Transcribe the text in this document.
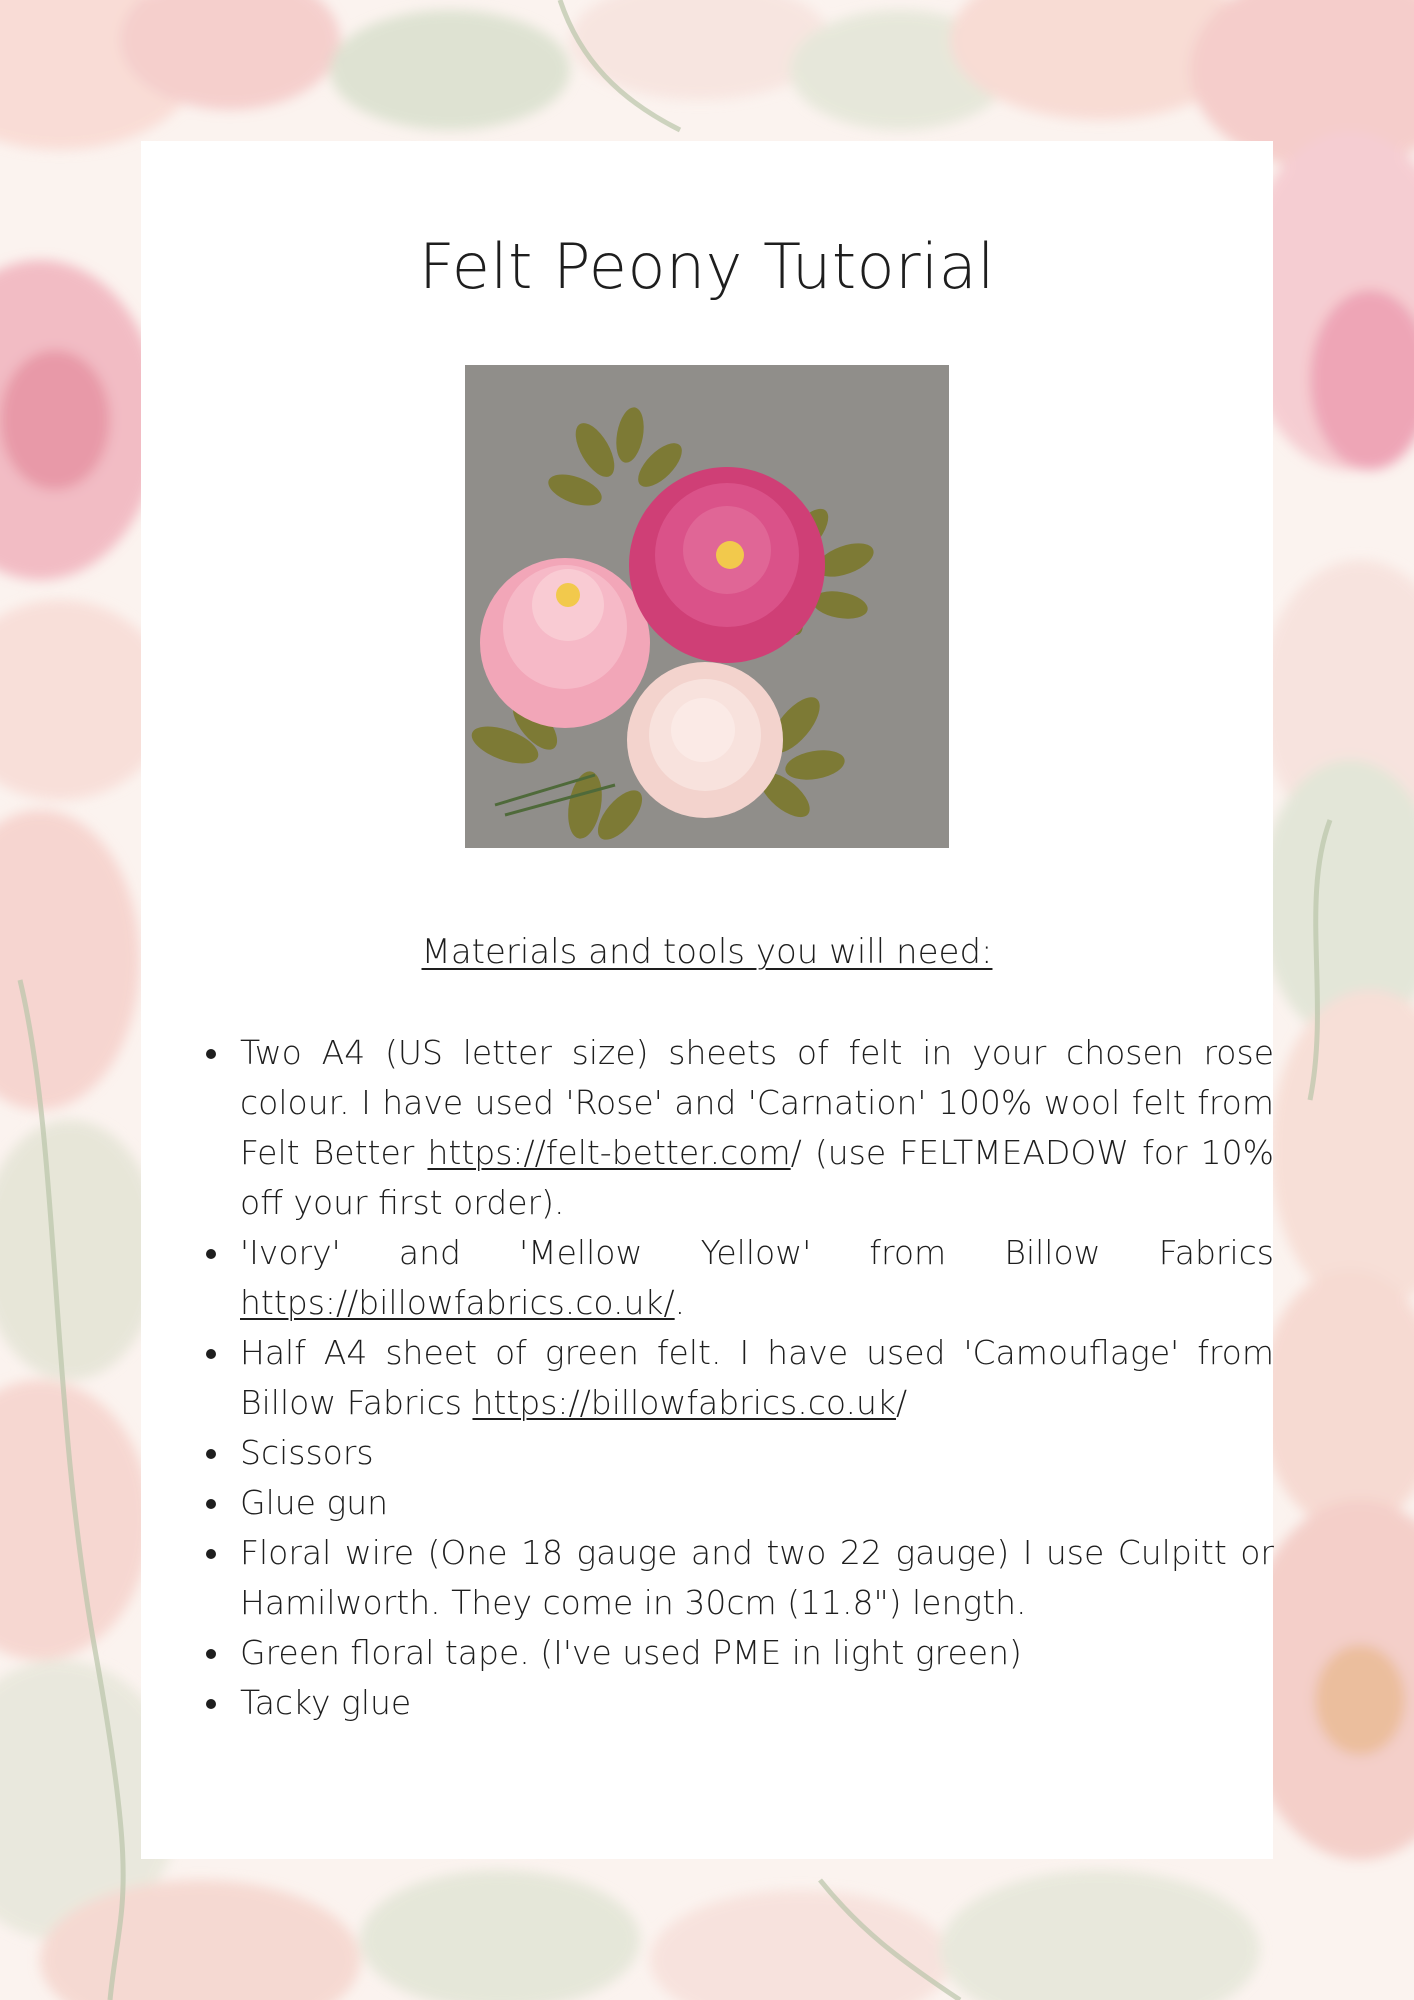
Felt Peony Tutorial
Materials and tools you will need:
Two A4 (US letter size) sheets of felt in your chosen rose colour. I have used 'Rose' and 'Carnation' 100% wool felt from Felt Better https://felt-better.com/ (use FELTMEADOW for 10% off your first order).
'Ivory' and 'Mellow Yellow' from Billow Fabrics https://billowfabrics.co.uk/.
Half A4 sheet of green felt. I have used 'Camouflage' from Billow Fabrics https://billowfabrics.co.uk/
Scissors
Glue gun
Floral wire (One 18 gauge and two 22 gauge) I use Culpitt or Hamilworth. They come in 30cm (11.8") length.
Green floral tape. (I've used PME in light green)
Tacky glue
